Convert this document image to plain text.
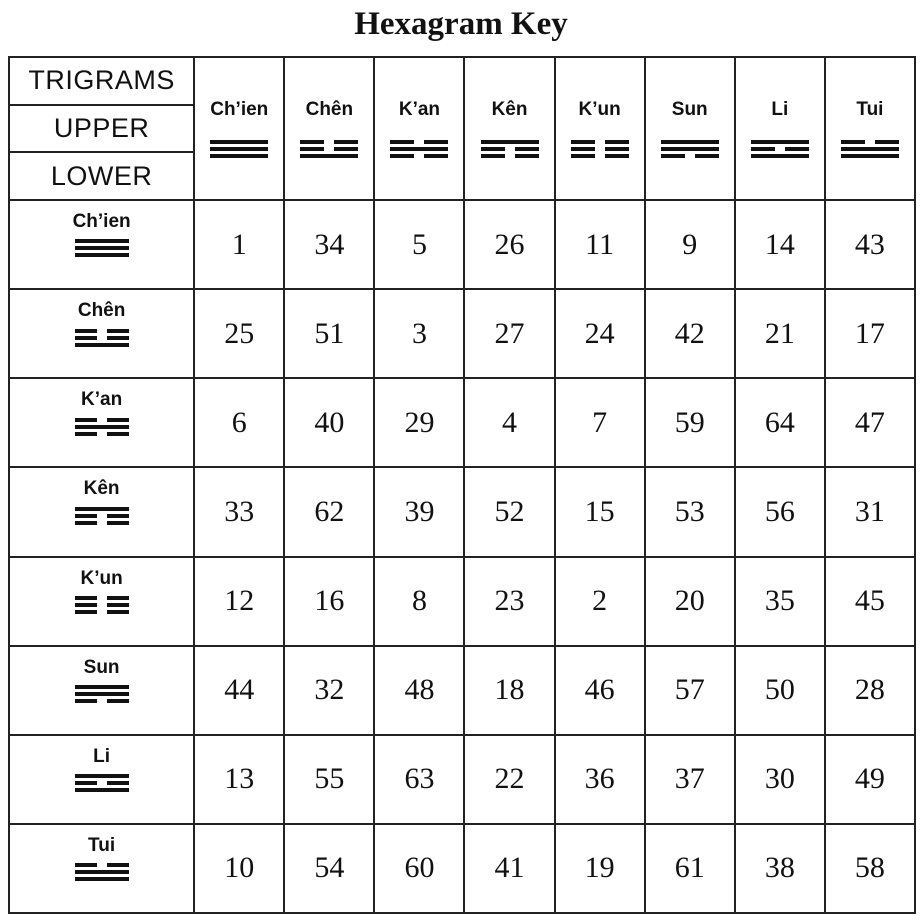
Hexagram Key
TRIGRAMS
UPPER
LOWER	Ch’ien	Chên	K’an	Kên	K’un	Sun	Li	Tui

Ch’ien	1	34	5	26	11	9	14	43

Chên	25	51	3	27	24	42	21	17

K’an	6	40	29	4	7	59	64	47

Kên	33	62	39	52	15	53	56	31

K’un	12	16	8	23	2	20	35	45

Sun	44	32	48	18	46	57	50	28

Li	13	55	63	22	36	37	30	49

Tui	10	54	60	41	19	61	38	58
